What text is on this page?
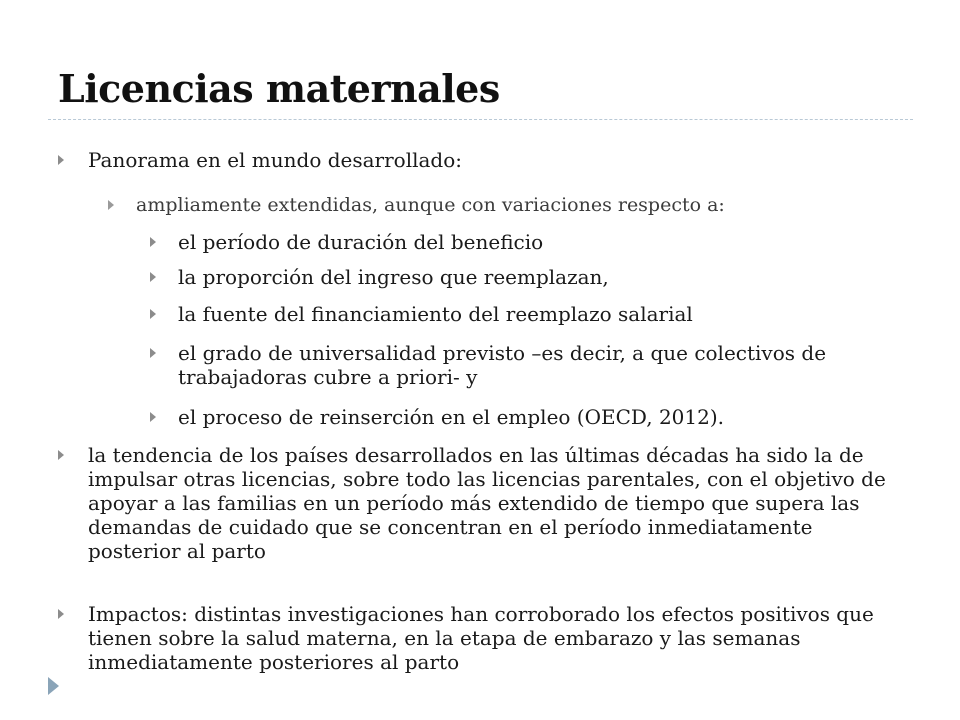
Licencias maternales
Panorama en el mundo desarrollado:
ampliamente extendidas, aunque con variaciones respecto a:
el período de duración del beneficio
la proporción del ingreso que reemplazan,
la fuente del financiamiento del reemplazo salarial
el grado de universalidad previsto –es decir, a que colectivos de trabajadoras cubre a priori- y
el proceso de reinserción en el empleo (OECD, 2012).
la tendencia de los países desarrollados en las últimas décadas ha sido la de impulsar otras licencias, sobre todo las licencias parentales, con el objetivo de apoyar a las familias en un período más extendido de tiempo que supera las demandas de cuidado que se concentran en el período inmediatamente posterior al parto
Impactos: distintas investigaciones han corroborado los efectos positivos que tienen sobre la salud materna, en la etapa de embarazo y las semanas inmediatamente posteriores al parto
